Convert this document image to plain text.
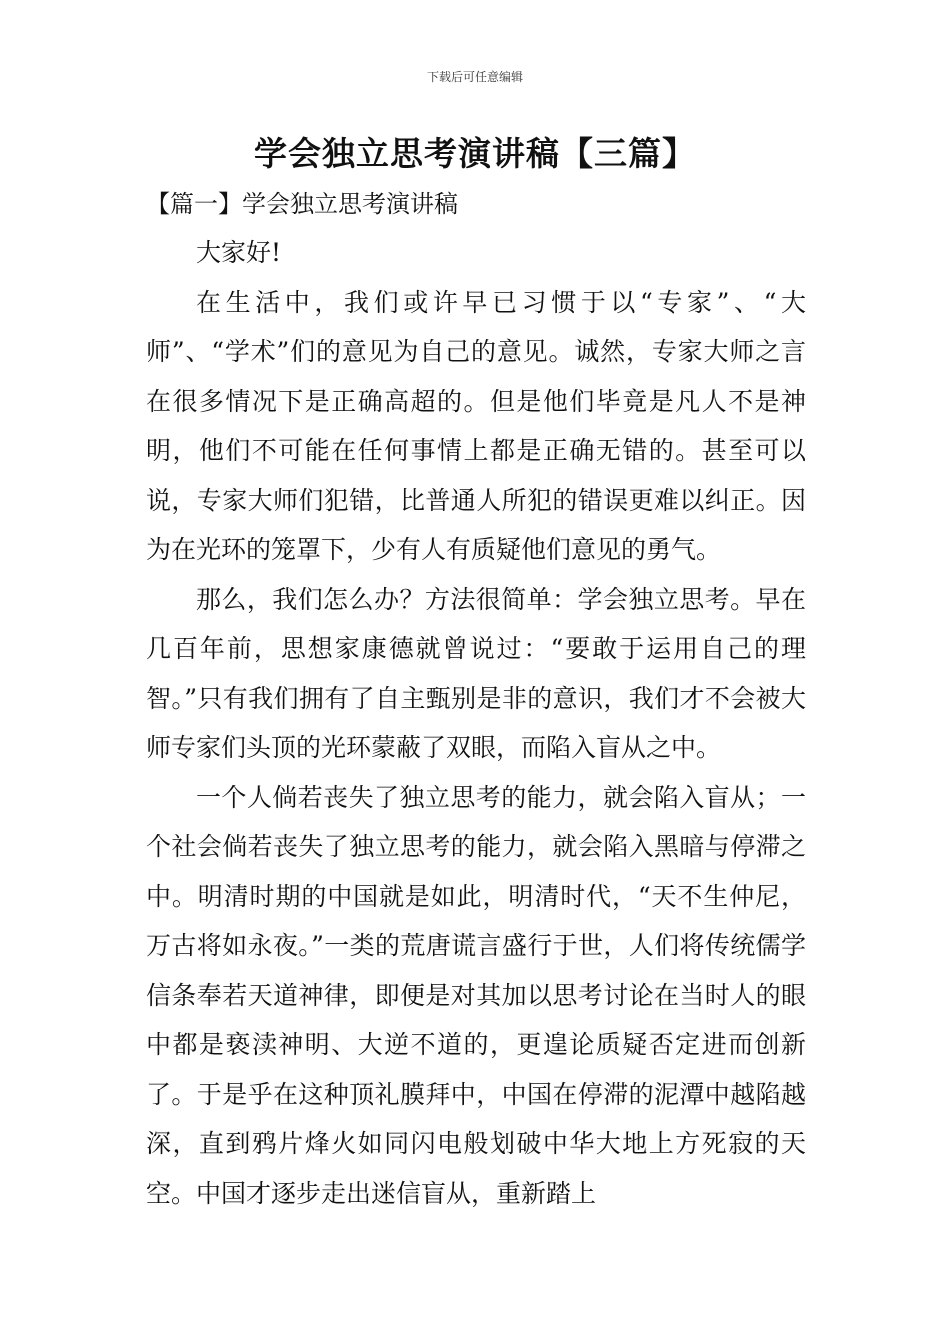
下载后可任意编辑
学会独立思考演讲稿【三篇】
【篇一】学会独立思考演讲稿

大家好!

在生活中，我们或许早已习惯于以“专家”、“大师”、“学术”们的意见为自己的意见。诚然，专家大师之言在很多情况下是正确高超的。但是他们毕竟是凡人不是神明，他们不可能在任何事情上都是正确无错的。甚至可以说，专家大师们犯错，比普通人所犯的错误更难以纠正。因为在光环的笼罩下，少有人有质疑他们意见的勇气。

那么，我们怎么办？方法很简单：学会独立思考。早在几百年前，思想家康德就曾说过：“要敢于运用自己的理智。”只有我们拥有了自主甄别是非的意识，我们才不会被大师专家们头顶的光环蒙蔽了双眼，而陷入盲从之中。

一个人倘若丧失了独立思考的能力，就会陷入盲从；一个社会倘若丧失了独立思考的能力，就会陷入黑暗与停滞之中。明清时期的中国就是如此，明清时代，“天不生仲尼，万古将如永夜。”一类的荒唐谎言盛行于世，人们将传统儒学信条奉若天道神律，即便是对其加以思考讨论在当时人的眼中都是亵渎神明、大逆不道的，更遑论质疑否定进而创新了。于是乎在这种顶礼膜拜中，中国在停滞的泥潭中越陷越深，直到鸦片烽火如同闪电般划破中华大地上方死寂的天空。中国才逐步走出迷信盲从，重新踏上
